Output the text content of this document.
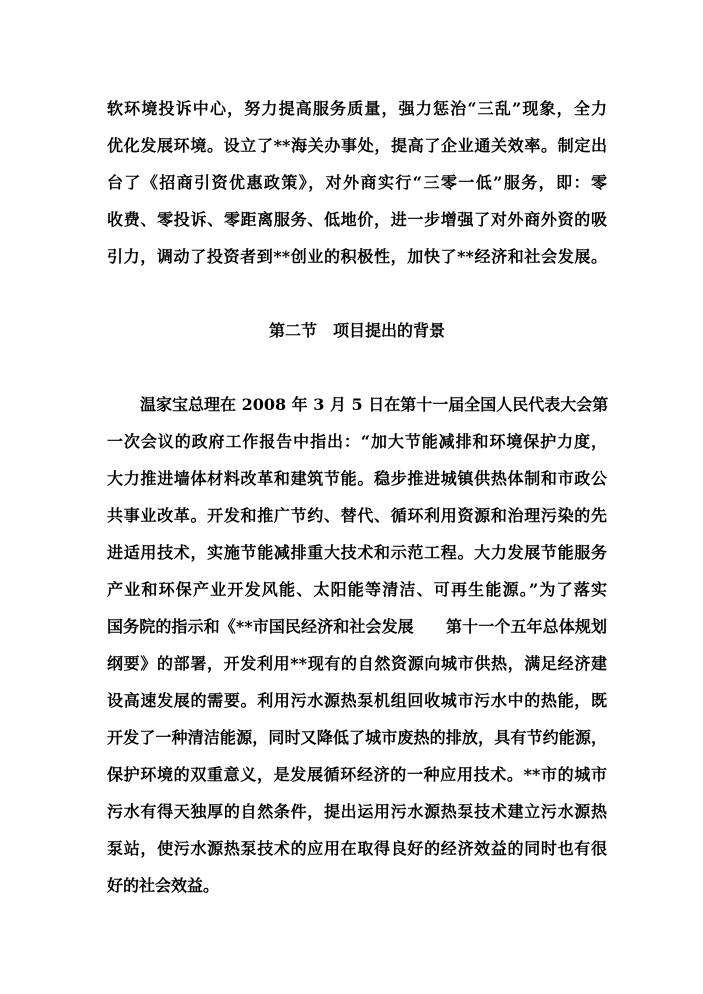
软环境投诉中心，努力提高服务质量，强力惩治“三乱”现象，全力
优化发展环境。设立了**海关办事处，提高了企业通关效率。制定出
台了《招商引资优惠政策》，对外商实行“三零一低”服务，即：零
收费、零投诉、零距离服务、低地价，进一步增强了对外商外资的吸
引力，调动了投资者到**创业的积极性，加快了**经济和社会发展。
第二节　项目提出的背景
温家宝总理在 2008 年 3 月 5 日在第十一届全国人民代表大会第
一次会议的政府工作报告中指出：“加大节能减排和环境保护力度，
大力推进墙体材料改革和建筑节能。稳步推进城镇供热体制和市政公
共事业改革。开发和推广节约、替代、循环利用资源和治理污染的先
进适用技术，实施节能减排重大技术和示范工程。大力发展节能服务
产业和环保产业开发风能、太阳能等清洁、可再生能源。”为了落实
国务院的指示和《**市国民经济和社会发展　　第十一个五年总体规划
纲要》的部署，开发利用**现有的自然资源向城市供热，满足经济建
设高速发展的需要。利用污水源热泵机组回收城市污水中的热能，既
开发了一种清洁能源，同时又降低了城市废热的排放，具有节约能源，
保护环境的双重意义，是发展循环经济的一种应用技术。**市的城市
污水有得天独厚的自然条件，提出运用污水源热泵技术建立污水源热
泵站，使污水源热泵技术的应用在取得良好的经济效益的同时也有很
好的社会效益。
